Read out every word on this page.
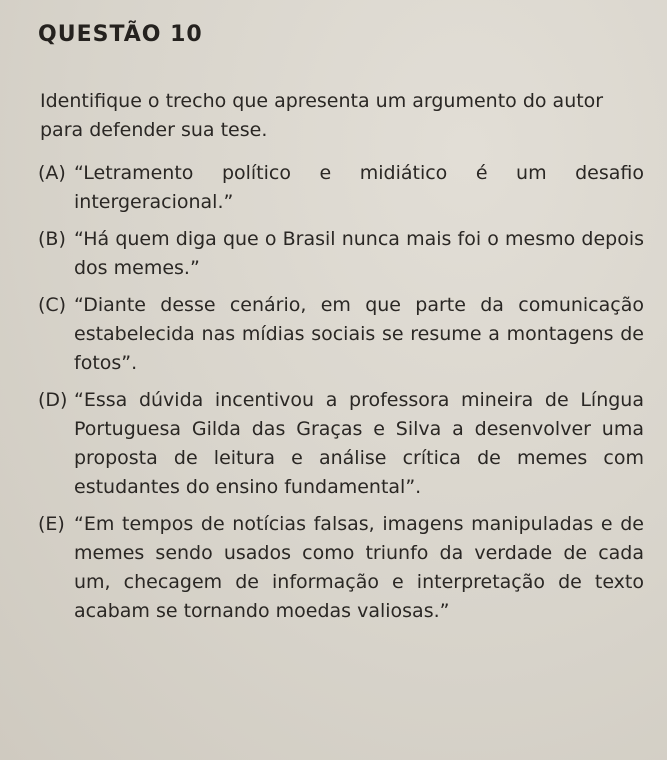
QUESTÃO 10

Identifique o trecho que apresenta um argumento do autor para defender sua tese.

(A) “Letramento político e midiático é um desafio intergeracional.”
(B) “Há quem diga que o Brasil nunca mais foi o mesmo depois dos memes.”
(C) “Diante desse cenário, em que parte da comunicação estabelecida nas mídias sociais se resume a montagens de fotos”.
(D) “Essa dúvida incentivou a professora mineira de Língua Portuguesa Gilda das Graças e Silva a desenvolver uma proposta de leitura e análise crítica de memes com estudantes do ensino fundamental”.
(E) “Em tempos de notícias falsas, imagens manipuladas e de memes sendo usados como triunfo da verdade de cada um, checagem de informação e interpretação de texto acabam se tornando moedas valiosas.”
